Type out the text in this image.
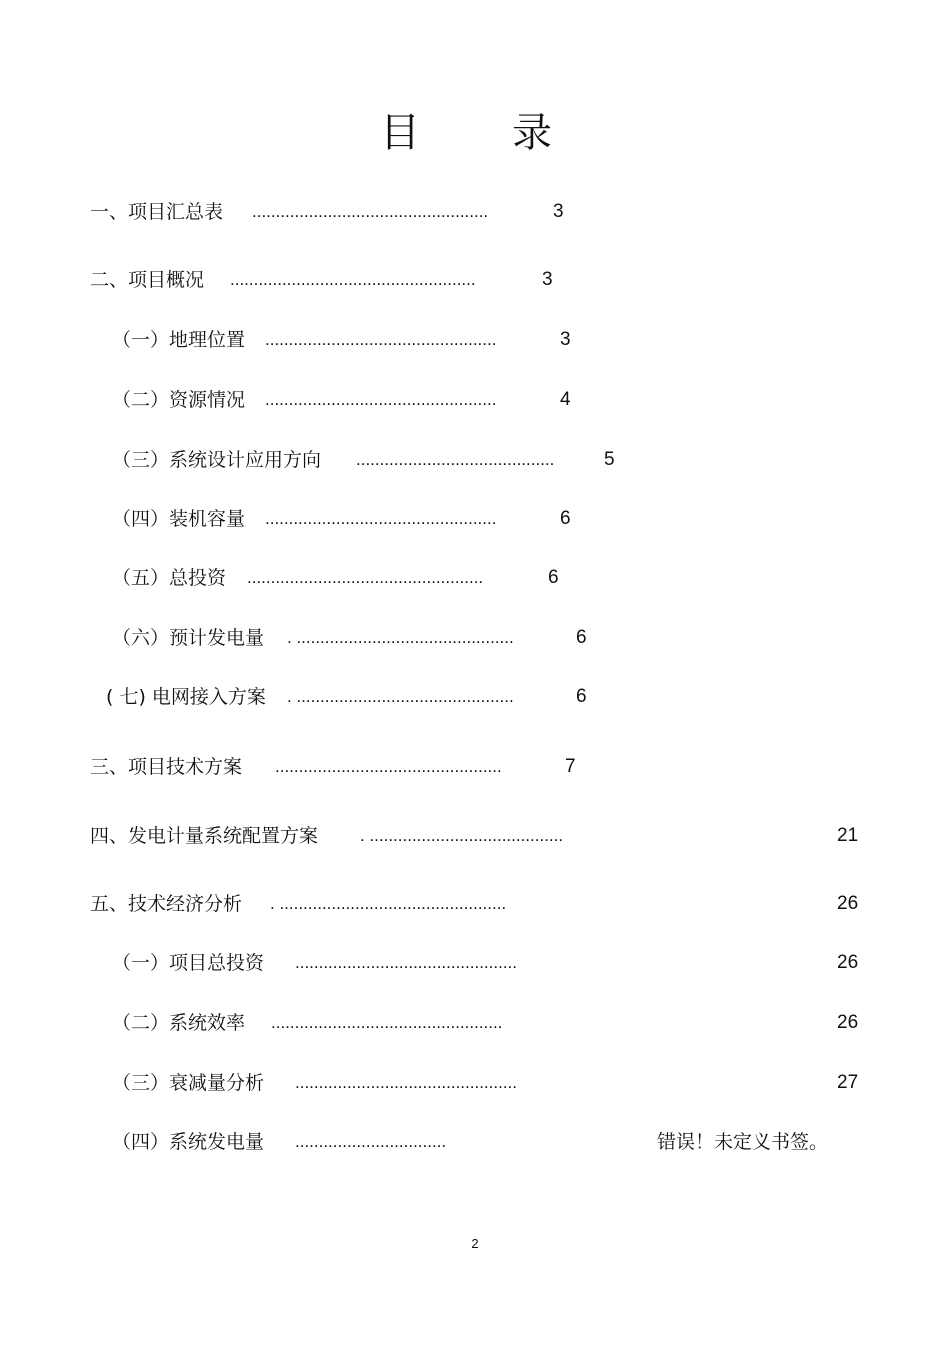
目 录
一、项目汇总表 ..................................................	3
二、项目概况 ....................................................	3
（一）地理位置 .................................................	3
（二）资源情况 .................................................	4
（三）系统设计应用方向 ..........................................	5
（四）装机容量 .................................................	6
（五）总投资 ..................................................	6
（六）预计发电量 . ..............................................	6
( 七) 电网接入方案 . ..............................................	6
三、项目技术方案 ................................................	7
四、发电计量系统配置方案 . .........................................	21
五、技术经济分析 . ................................................	26
（一）项目总投资 ...............................................	26
（二）系统效率 .................................................	26
（三）衰减量分析 ...............................................	27
（四）系统发电量 ................................	错误！未定义书签。
2
